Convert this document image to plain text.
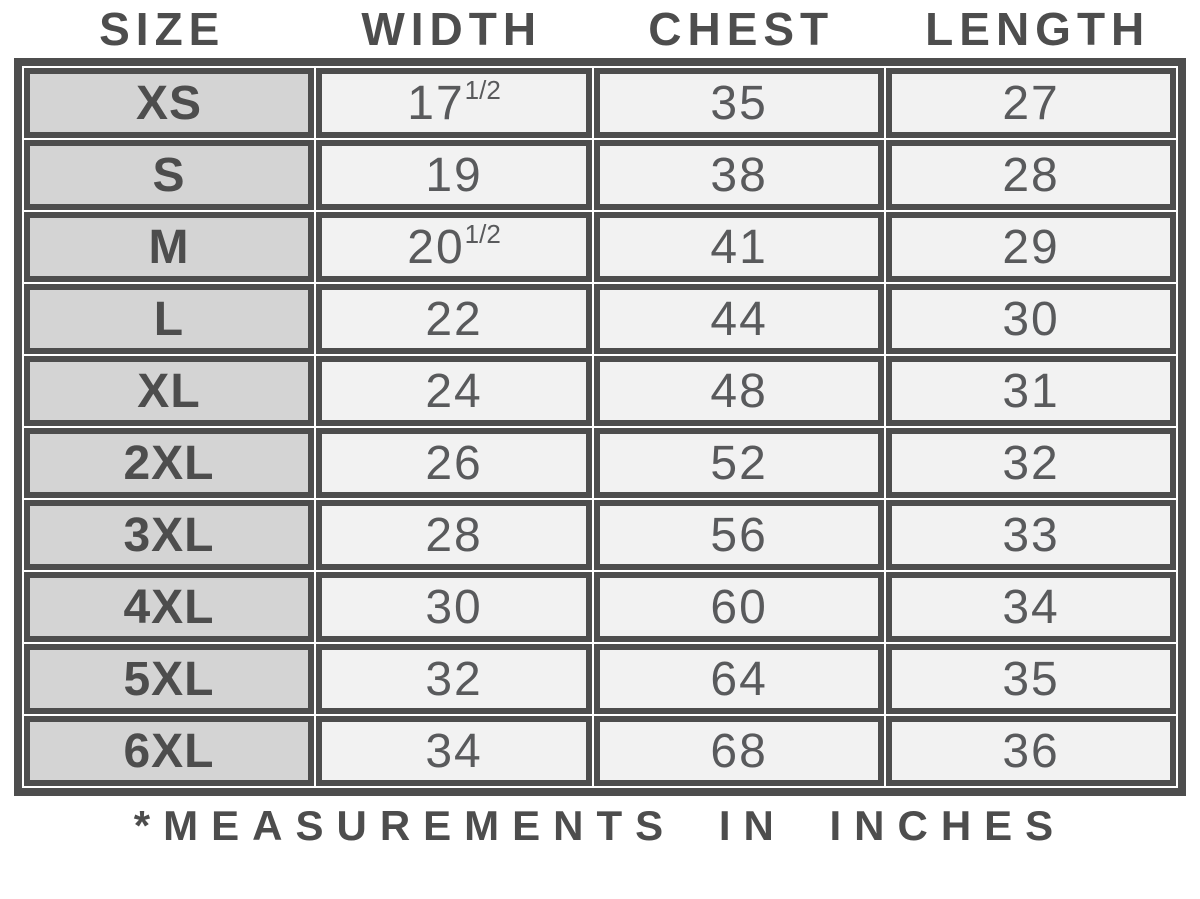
SIZE	WIDTH	CHEST	LENGTH
XS	$17^{1/2}$	35	27
S	19	38	28
M	$20^{1/2}$	41	29
L	22	44	30
XL	24	48	31
2XL	26	52	32
3XL	28	56	33
4XL	30	60	34
5XL	32	64	35
6XL	34	68	36
*MEASUREMENTS IN INCHES
